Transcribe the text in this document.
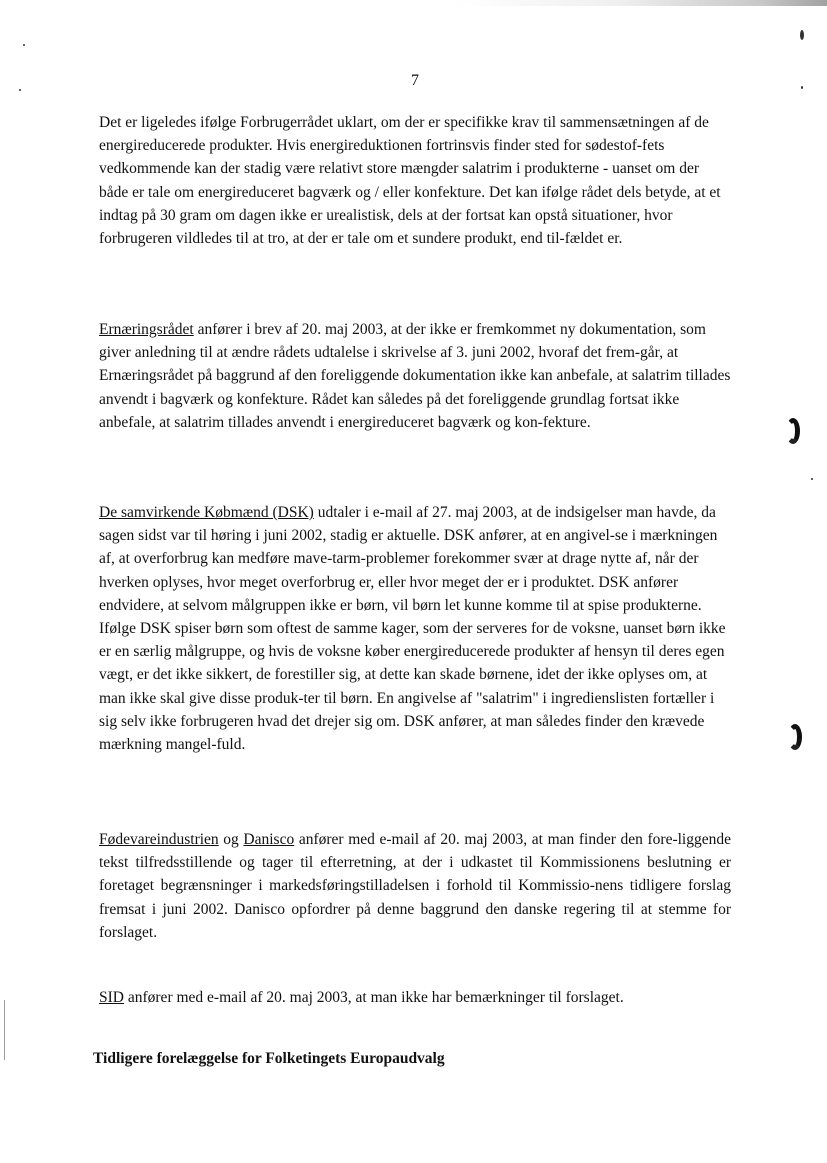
7

Det er ligeledes ifølge Forbrugerrådet uklart, om der er specifikke krav til sammensætningen af de energireducerede produkter. Hvis energireduktionen fortrinsvis finder sted for sødestof-fets vedkommende kan der stadig være relativt store mængder salatrim i produkterne - uanset om der både er tale om energireduceret bagværk og / eller konfekture. Det kan ifølge rådet dels betyde, at et indtag på 30 gram om dagen ikke er urealistisk, dels at der fortsat kan opstå situationer, hvor forbrugeren vildledes til at tro, at der er tale om et sundere produkt, end til-fældet er.

Ernæringsrådet anfører i brev af 20. maj 2003, at der ikke er fremkommet ny dokumentation, som giver anledning til at ændre rådets udtalelse i skrivelse af 3. juni 2002, hvoraf det frem-går, at Ernæringsrådet på baggrund af den foreliggende dokumentation ikke kan anbefale, at salatrim tillades anvendt i bagværk og konfekture. Rådet kan således på det foreliggende grundlag fortsat ikke anbefale, at salatrim tillades anvendt i energireduceret bagværk og kon-fekture.

De samvirkende Købmænd (DSK) udtaler i e-mail af 27. maj 2003, at de indsigelser man havde, da sagen sidst var til høring i juni 2002, stadig er aktuelle. DSK anfører, at en angivel-se i mærkningen af, at overforbrug kan medføre mave-tarm-problemer forekommer svær at drage nytte af, når der hverken oplyses, hvor meget overforbrug er, eller hvor meget der er i produktet. DSK anfører endvidere, at selvom målgruppen ikke er børn, vil børn let kunne komme til at spise produkterne. Ifølge DSK spiser børn som oftest de samme kager, som der serveres for de voksne, uanset børn ikke er en særlig målgruppe, og hvis de voksne køber energireducerede produkter af hensyn til deres egen vægt, er det ikke sikkert, de forestiller sig, at dette kan skade børnene, idet der ikke oplyses om, at man ikke skal give disse produk-ter til børn. En angivelse af "salatrim" i ingredienslisten fortæller i sig selv ikke forbrugeren hvad det drejer sig om. DSK anfører, at man således finder den krævede mærkning mangel-fuld.

Fødevareindustrien og Danisco anfører med e-mail af 20. maj 2003, at man finder den fore-liggende tekst tilfredsstillende og tager til efterretning, at der i udkastet til Kommissionens beslutning er foretaget begrænsninger i markedsføringstilladelsen i forhold til Kommissio-nens tidligere forslag fremsat i juni 2002. Danisco opfordrer på denne baggrund den danske regering til at stemme for forslaget.

SID anfører med e-mail af 20. maj 2003, at man ikke har bemærkninger til forslaget.

Tidligere forelæggelse for Folketingets Europaudvalg
